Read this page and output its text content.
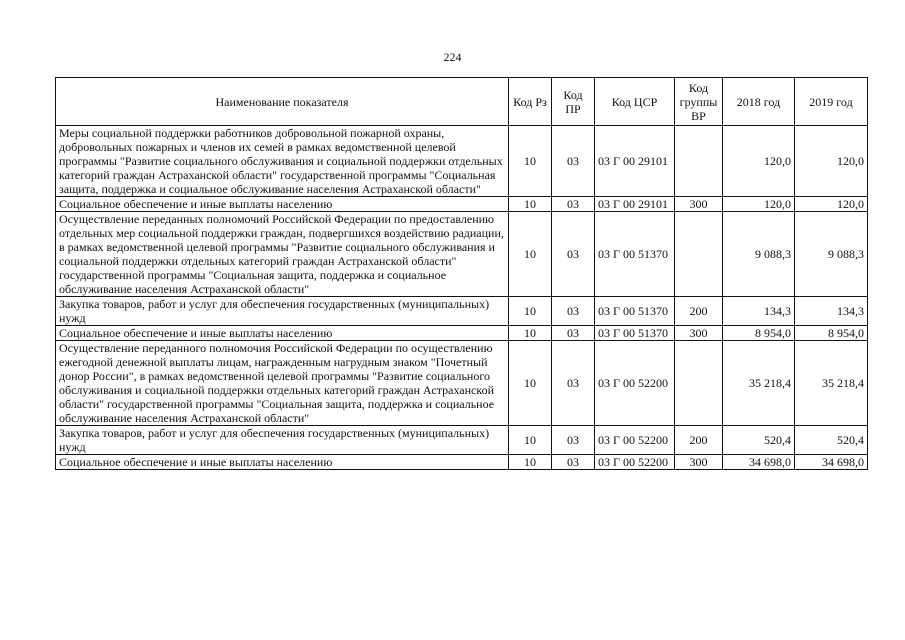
224
Наименование показателя	Код Рз	Код ПР	Код ЦСР	Код группы ВР	2018 год	2019 год
Меры социальной поддержки работников добровольной пожарной охраны, добровольных пожарных и членов их семей в рамках ведомственной целевой программы "Развитие социального обслуживания и социальной поддержки отдельных категорий граждан Астраханской области" государственной программы "Социальная защита, поддержка и социальное обслуживание населения Астраханской области"	10	03	03 Г 00 29101		120,0	120,0
Социальное обеспечение и иные выплаты населению	10	03	03 Г 00 29101	300	120,0	120,0
Осуществление переданных полномочий Российской Федерации по предоставлению отдельных мер социальной поддержки граждан, подвергшихся воздействию радиации, в рамках ведомственной целевой программы "Развитие социального обслуживания и социальной поддержки отдельных категорий граждан Астраханской области" государственной программы "Социальная защита, поддержка и социальное обслуживание населения Астраханской области"	10	03	03 Г 00 51370		9 088,3	9 088,3
Закупка товаров, работ и услуг для обеспечения государственных (муниципальных) нужд	10	03	03 Г 00 51370	200	134,3	134,3
Социальное обеспечение и иные выплаты населению	10	03	03 Г 00 51370	300	8 954,0	8 954,0
Осуществление переданного полномочия Российской Федерации по осуществлению ежегодной денежной выплаты лицам, награжденным нагрудным знаком "Почетный донор России", в рамках ведомственной целевой программы "Развитие социального обслуживания и социальной поддержки отдельных категорий граждан Астраханской области" государственной программы "Социальная защита, поддержка и социальное обслуживание населения Астраханской области"	10	03	03 Г 00 52200		35 218,4	35 218,4
Закупка товаров, работ и услуг для обеспечения государственных (муниципальных) нужд	10	03	03 Г 00 52200	200	520,4	520,4
Социальное обеспечение и иные выплаты населению	10	03	03 Г 00 52200	300	34 698,0	34 698,0
